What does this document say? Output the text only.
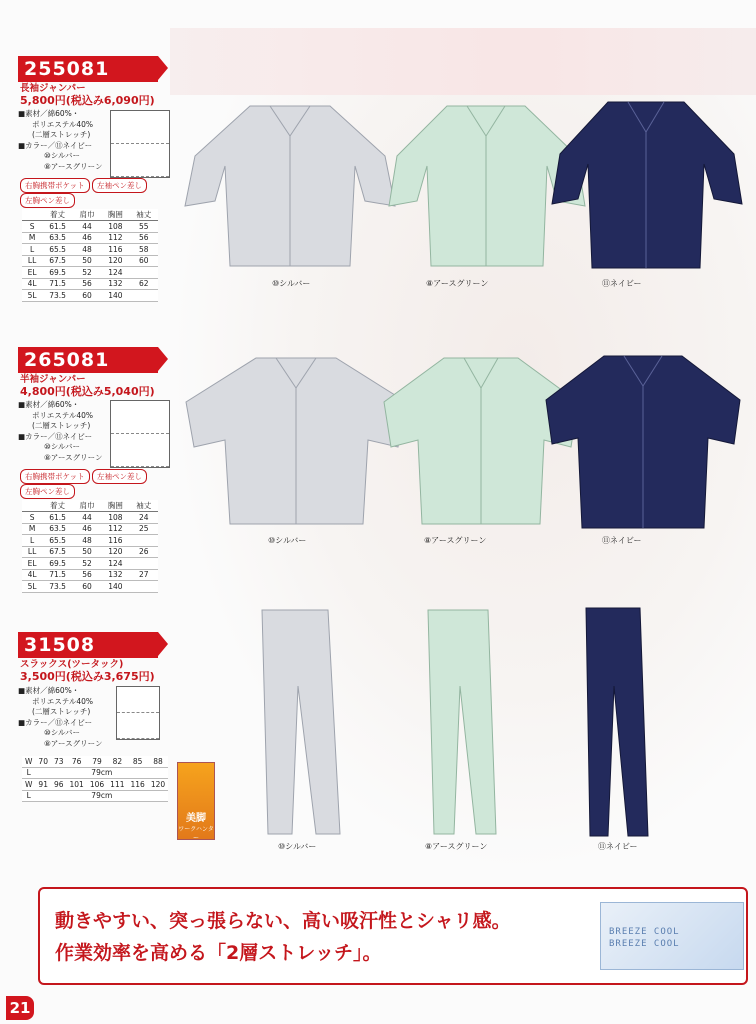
255081
長袖ジャンパー
5,800円(税込み6,090円)
■素材／綿60%・
ポリエステル40%
(二層ストレッチ)
■カラー／⑪ネイビー
⑩シルバー
⑧アースグリーン
右胸携帯ポケット	左袖ペン差し
左胸ペン差し
	着丈	肩巾	胸囲	袖丈
S	61.5	44	108	55
M	63.5	46	112	56
L	65.5	48	116	58
LL	67.5	50	120	60
EL	69.5	52	124	
4L	71.5	56	132	62
5L	73.5	60	140	
⑩シルバー	⑧アースグリーン	⑪ネイビー
265081
半袖ジャンパー
4,800円(税込み5,040円)
■素材／綿60%・
ポリエステル40%
(二層ストレッチ)
■カラー／⑪ネイビー
⑩シルバー
⑧アースグリーン
右胸携帯ポケット	左袖ペン差し
左胸ペン差し
	着丈	肩巾	胸囲	袖丈
S	61.5	44	108	24
M	63.5	46	112	25
L	65.5	48	116	
LL	67.5	50	120	26
EL	69.5	52	124	
4L	71.5	56	132	27
5L	73.5	60	140	
⑩シルバー	⑧アースグリーン	⑪ネイビー
31508
スラックス(ツータック)
3,500円(税込み3,675円)
■素材／綿60%・
ポリエステル40%
(二層ストレッチ)
■カラー／⑪ネイビー
⑩シルバー
⑧アースグリーン
W	70	73	76	79	82	85	88
L	79cm						
W	91	96	101	106	111	116	120
L	79cm						
美脚
ワークハンター
⑩シルバー	⑧アースグリーン	⑪ネイビー
動きやすい、突っ張らない、高い吸汗性とシャリ感。
作業効率を高める「2層ストレッチ」。
BREEZE COOL
BREEZE COOL
21
